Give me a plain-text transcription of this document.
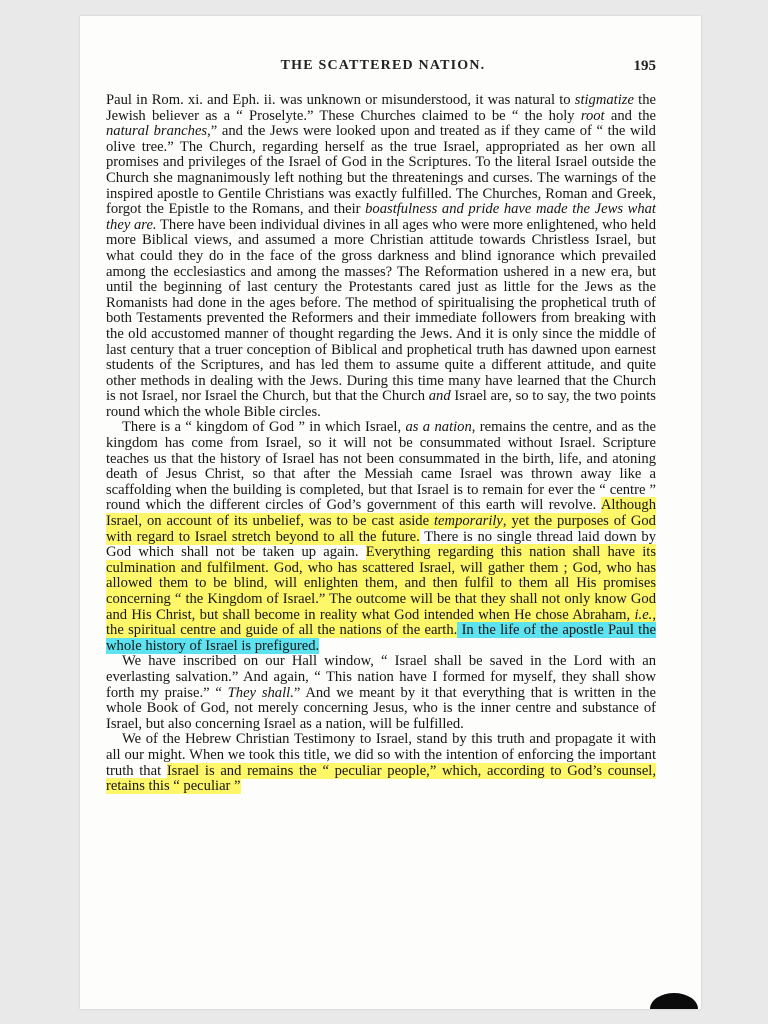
THE SCATTERED NATION.	195

Paul in Rom. xi. and Eph. ii. was unknown or misunderstood, it was natural to stigmatize the Jewish believer as a “ Proselyte.” These Churches claimed to be “ the holy root and the natural branches,” and the Jews were looked upon and treated as if they came of “ the wild olive tree.” The Church, regarding herself as the true Israel, appropriated as her own all promises and privileges of the Israel of God in the Scriptures. To the literal Israel outside the Church she magnanimously left nothing but the threatenings and curses. The warnings of the inspired apostle to Gentile Christians was exactly fulfilled. The Churches, Roman and Greek, forgot the Epistle to the Romans, and their boastfulness and pride have made the Jews what they are. There have been individual divines in all ages who were more enlightened, who held more Biblical views, and assumed a more Christian attitude towards Christless Israel, but what could they do in the face of the gross darkness and blind ignorance which prevailed among the ecclesiastics and among the masses? The Reformation ushered in a new era, but until the beginning of last century the Protestants cared just as little for the Jews as the Romanists had done in the ages before. The method of spiritualising the prophetical truth of both Testaments prevented the Reformers and their immediate followers from breaking with the old accustomed manner of thought regarding the Jews. And it is only since the middle of last century that a truer conception of Biblical and prophetical truth has dawned upon earnest students of the Scriptures, and has led them to assume quite a different attitude, and quite other methods in dealing with the Jews. During this time many have learned that the Church is not Israel, nor Israel the Church, but that the Church and Israel are, so to say, the two points round which the whole Bible circles.

There is a “ kingdom of God ” in which Israel, as a nation, remains the centre, and as the kingdom has come from Israel, so it will not be consummated without Israel. Scripture teaches us that the history of Israel has not been consummated in the birth, life, and atoning death of Jesus Christ, so that after the Messiah came Israel was thrown away like a scaffolding when the building is completed, but that Israel is to remain for ever the “ centre ” round which the different circles of God’s government of this earth will revolve. Although Israel, on account of its unbelief, was to be cast aside temporarily, yet the purposes of God with regard to Israel stretch beyond to all the future. There is no single thread laid down by God which shall not be taken up again. Everything regarding this nation shall have its culmination and fulfilment. God, who has scattered Israel, will gather them ; God, who has allowed them to be blind, will enlighten them, and then fulfil to them all His promises concerning “ the Kingdom of Israel.” The outcome will be that they shall not only know God and His Christ, but shall become in reality what God intended when He chose Abraham, i.e., the spiritual centre and guide of all the nations of the earth. In the life of the apostle Paul the whole history of Israel is prefigured.

We have inscribed on our Hall window, “ Israel shall be saved in the Lord with an everlasting salvation.” And again, “ This nation have I formed for myself, they shall show forth my praise.” “ They shall.” And we meant by it that everything that is written in the whole Book of God, not merely concerning Jesus, who is the inner centre and substance of Israel, but also concerning Israel as a nation, will be fulfilled.

We of the Hebrew Christian Testimony to Israel, stand by this truth and propagate it with all our might. When we took this title, we did so with the intention of enforcing the important truth that Israel is and remains the “ peculiar people,” which, according to God’s counsel, retains this “ peculiar ”
